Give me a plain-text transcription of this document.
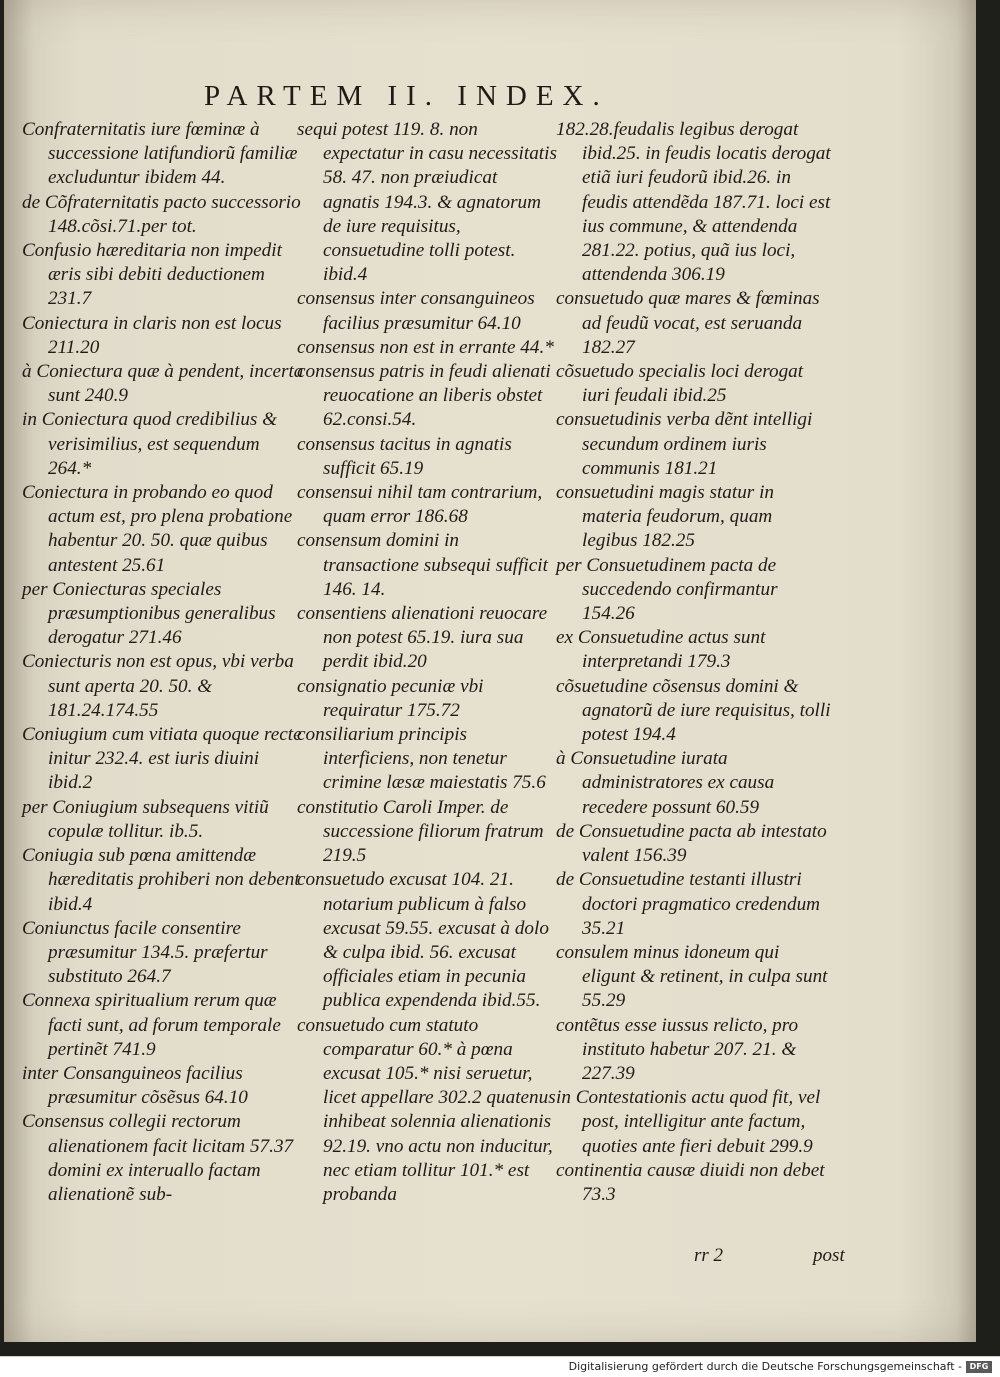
PARTEM II. INDEX.

Confraternitatis iure fœminæ à successione latifundiorũ familiæ excluduntur ibidem 44.

de Cõfraternitatis pacto successorio 148.cõsi.71.per tot.

Confusio hæreditaria non impedit æris sibi debiti deductionem 231.7

Coniectura in claris non est locus 211.20

à Coniectura quæ à pendent, incerta sunt 240.9

in Coniectura quod credibilius & verisimilius, est sequendum 264.*

Coniectura in probando eo quod actum est, pro plena probatione habentur 20. 50. quæ quibus antestent 25.61

per Coniecturas speciales præsumptionibus generalibus derogatur 271.46

Coniecturis non est opus, vbi verba sunt aperta 20. 50. & 181.24.174.55

Coniugium cum vitiata quoque recte initur 232.4. est iuris diuini ibid.2

per Coniugium subsequens vitiũ copulæ tollitur. ib.5.

Coniugia sub pœna amittendæ hæreditatis prohiberi non debent ibid.4

Coniunctus facile consentire præsumitur 134.5. præfertur substituto 264.7

Connexa spiritualium rerum quæ facti sunt, ad forum temporale pertinẽt 741.9

inter Consanguineos facilius præsumitur cõsẽsus 64.10

Consensus collegii rectorum alienationem facit licitam 57.37 domini ex interuallo factam alienationẽ sub-

sequi potest 119. 8. non expectatur in casu necessitatis 58. 47. non præiudicat agnatis 194.3. & agnatorum de iure requisitus, consuetudine tolli potest. ibid.4

consensus inter consanguineos facilius præsumitur 64.10

consensus non est in errante 44.*

consensus patris in feudi alienati reuocatione an liberis obstet 62.consi.54.

consensus tacitus in agnatis sufficit 65.19

consensui nihil tam contrarium, quam error 186.68

consensum domini in transactione subsequi sufficit 146. 14.

consentiens alienationi reuocare non potest 65.19. iura sua perdit ibid.20

consignatio pecuniæ vbi requiratur 175.72

consiliarium principis interficiens, non tenetur crimine læsæ maiestatis 75.6

constitutio Caroli Imper. de successione filiorum fratrum 219.5

consuetudo excusat 104. 21. notarium publicum à falso excusat 59.55. excusat à dolo & culpa ibid. 56. excusat officiales etiam in pecunia publica expendenda ibid.55.

consuetudo cum statuto comparatur 60.* à pœna excusat 105.* nisi seruetur, licet appellare 302.2 quatenus inhibeat solennia alienationis 92.19. vno actu non inducitur, nec etiam tollitur 101.* est probanda

182.28.feudalis legibus derogat ibid.25. in feudis locatis derogat etiã iuri feudorũ ibid.26. in feudis attendẽda 187.71. loci est ius commune, & attendenda 281.22. potius, quã ius loci, attendenda 306.19

consuetudo quæ mares & fœminas ad feudũ vocat, est seruanda 182.27

cõsuetudo specialis loci derogat iuri feudali ibid.25

consuetudinis verba dẽnt intelligi secundum ordinem iuris communis 181.21

consuetudini magis statur in materia feudorum, quam legibus 182.25

per Consuetudinem pacta de succedendo confirmantur 154.26

ex Consuetudine actus sunt interpretandi 179.3

cõsuetudine cõsensus domini & agnatorũ de iure requisitus, tolli potest 194.4

à Consuetudine iurata administratores ex causa recedere possunt 60.59

de Consuetudine pacta ab intestato valent 156.39

de Consuetudine testanti illustri doctori pragmatico credendum 35.21

consulem minus idoneum qui eligunt & retinent, in culpa sunt 55.29

contẽtus esse iussus relicto, pro instituto habetur 207. 21. & 227.39

in Contestationis actu quod fit, vel post, intelligitur ante factum, quoties ante fieri debuit 299.9

continentia causæ diuidi non debet 73.3

rr 2	post
Digitalisierung gefördert durch die Deutsche Forschungsgemeinschaft - DFG
